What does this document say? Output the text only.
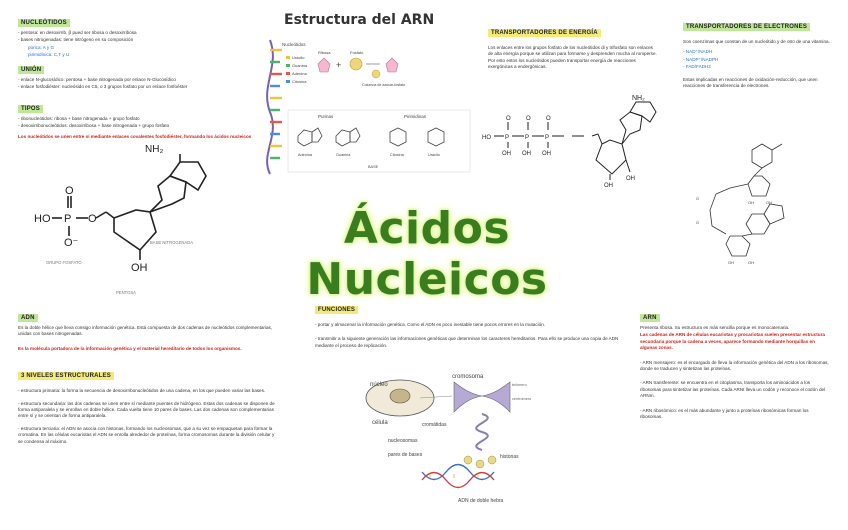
NUCLEÓTIDOS
- pentosa: en desoxirrib. β pued ser ribosa o desoxirribosa
- bases nitrogenadas: tiene nitrógeno en su composición
púrica: A y G
pirimidínica: C,T y U
UNIÓN
- enlace N-glucosídico: pentosa + base nitrogenada por enlace N-Glucosídico
- enlace fosfodiéster: nucleósido en C5, o 3 grupos fosfato por un enlace fosfoéster
TIPOS
- ribonucleótidos: ribosa + base nitrogenada + grupo fosfato
- desoxirribonucleótidos: desoxirribosa + base nitrogenada + grupo fosfato
Los nucleótidos se unen entre sí mediante enlaces covalentes fosfodiéster, formando los ácidos nucleicos
NH₂
HO P
O
O⁻
O
OH
GRUPO FOSFATO
BASE NITROGENADA
PENTOSA
Estructura del ARN
Nucleótidos
Uracilo
Guanina
Adenina
Citosina
Ribosa
+
Fosfato
Columna de azúcar-fosfato
Purinas	Pirimidinas
Adenina	Guanina	Citosina	Uracilo
BASE
TRANSPORTADORES DE ENERGÍA
Los enlaces entre los grupos fosfato de los nucleótidos di y trifosfato son enlaces de alta energía porque se utilizan para formarse y desprenden mucha al romperse. Por esto estos los nucleótidos pueden transportar energía de reacciones exergónicas a endergónicas.
NH₂
HO P	P	P
O	O	O
OH OH OH
OH
OH
TRANSPORTADORES DE ELECTRONES
Son coenzimas que constan de un nucleótido y de otro de una vitamina.
- NAD⁺/NADH
- NADP⁺/NADPH
- FAD/FADH2
Estas implicadas en reacciones de oxidación-reducción, que unen reacciones de transferencia de electrones.
O
O
OH	OH
OH	OH
Ácidos Nucleicos
ADN
Es la doble hélice que lleva consigo información genética. Está compuesta de dos cadenas de nucleótidos complementarias, unidas con bases nitrogenadas.
Es la molécula portadora de la información genética y el material hereditario de todos los organismos.
3 NIVELES ESTRUCTURALES
- estructura primaria: la forma la secuencia de desoxirribonucleótidos de una cadena, en los que pueden variar las bases.
- estructura secundaria: las dos cadenas se unen entre sí mediante puentes de hidrógeno. Estas dos cadenas se disponen de forma antiparalela y se enrollan en doble hélice. Cada vuelta tiene 10 pares de bases. Las dos cadenas son complementarias entre sí y se orientan de forma antiparalela.
- estructura terciaria: el ADN se asocia con histonas, formando los nucleosomas, que a su vez se empaquetan para formar la cromatina. En las células eucariotas el ADN se enrolla alrededor de proteínas, forma cromosomas durante la división celular y se condensa al máximo.
FUNCIONES
- portar y almacenar la información genética. Como el ADN es poco inestable tiene pocos errores en la mutación.
- transmitir a la siguiente generación las informaciones genéticas que determinan los caracteres hereditarios. Para ello se produce una copia de ADN mediante el proceso de replicación.
núcleo
cromosoma
célula	cromátidas
nucleosomas
pares de bases	histonas
ADN de doble hebra
telómero
centrómero
ARN
Presenta ribosa. Su estructura es más sencilla porque es monocatenaria.
Las cadenas de ARN de células eucariotas y procariotas suelen presentar estructura secundaria porque la cadena a veces, aparece formando mediante horquillas en algunas zonas.
- ARN mensajero: es el encargado de lleva la información genética del ADN a los ribosomas, donde se traducen y sintetizan las proteínas.
- ARN transferente: se encuentra en el citoplasma, transporta los aminoácidos a los ribosomas para sintetizar las proteínas. Cada ARNt lleva un codón y reconoce el codón del ARNm.
- ARN ribosómico: es el más abundante y junto a proteínas ribosómicas forman los ribosomas.
